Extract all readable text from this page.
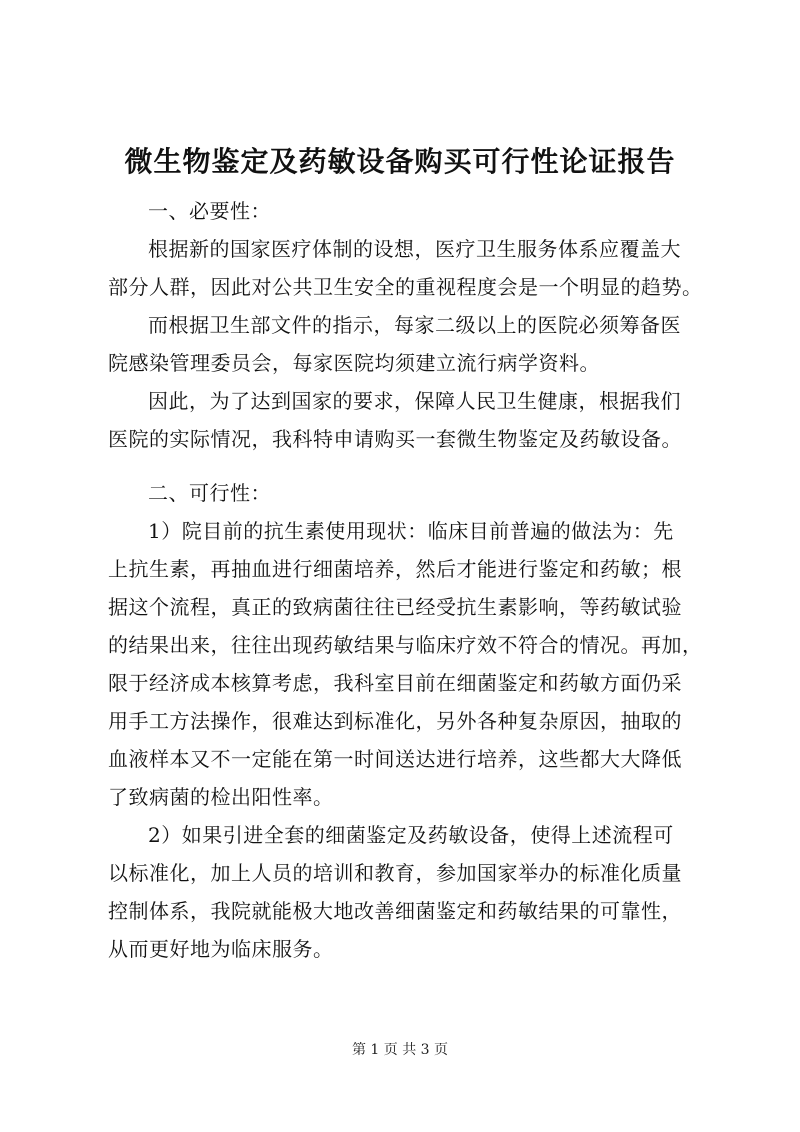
微生物鉴定及药敏设备购买可行性论证报告
一、必要性：
根据新的国家医疗体制的设想，医疗卫生服务体系应覆盖大
部分人群，因此对公共卫生安全的重视程度会是一个明显的趋势。
而根据卫生部文件的指示，每家二级以上的医院必须筹备医
院感染管理委员会，每家医院均须建立流行病学资料。
因此，为了达到国家的要求，保障人民卫生健康，根据我们
医院的实际情况，我科特申请购买一套微生物鉴定及药敏设备。
二、可行性：
1）院目前的抗生素使用现状：临床目前普遍的做法为：先
上抗生素，再抽血进行细菌培养，然后才能进行鉴定和药敏；根
据这个流程，真正的致病菌往往已经受抗生素影响，等药敏试验
的结果出来，往往出现药敏结果与临床疗效不符合的情况。再加，
限于经济成本核算考虑，我科室目前在细菌鉴定和药敏方面仍采
用手工方法操作，很难达到标准化，另外各种复杂原因，抽取的
血液样本又不一定能在第一时间送达进行培养，这些都大大降低
了致病菌的检出阳性率。
2）如果引进全套的细菌鉴定及药敏设备，使得上述流程可
以标准化，加上人员的培训和教育，参加国家举办的标准化质量
控制体系，我院就能极大地改善细菌鉴定和药敏结果的可靠性，
从而更好地为临床服务。
第 1 页 共 3 页
